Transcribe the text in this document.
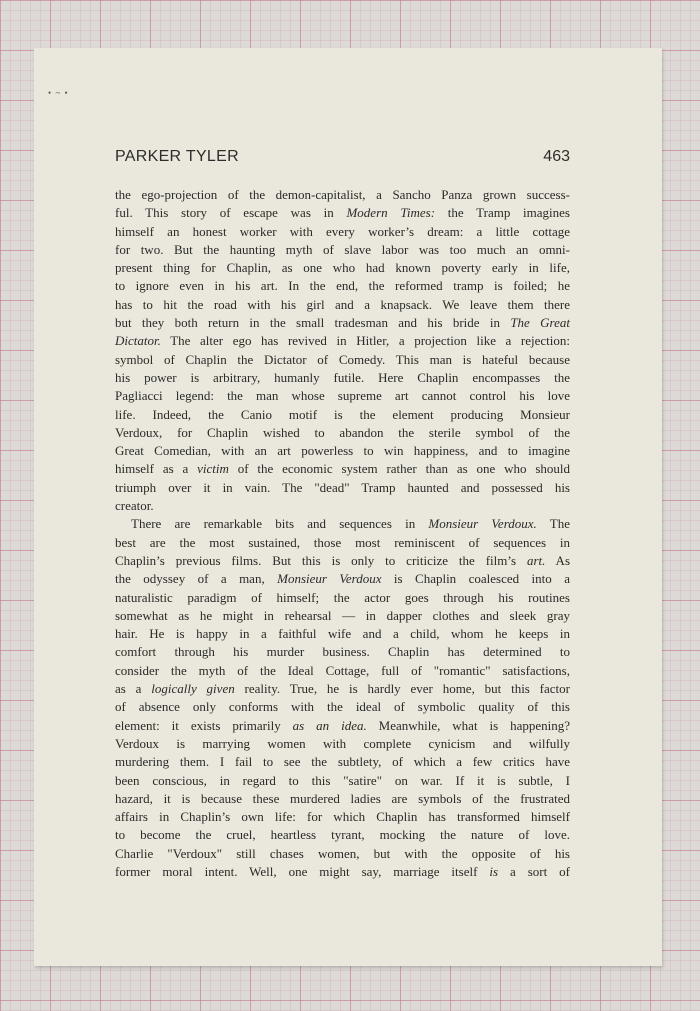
• ~ •
PARKER TYLER	463
the ego-projection of the demon-capitalist, a Sancho Panza grown success-
ful. This story of escape was in Modern Times: the Tramp imagines
himself an honest worker with every worker’s dream: a little cottage
for two. But the haunting myth of slave labor was too much an omni-
present thing for Chaplin, as one who had known poverty early in life,
to ignore even in his art. In the end, the reformed tramp is foiled; he
has to hit the road with his girl and a knapsack. We leave them there
but they both return in the small tradesman and his bride in The Great
Dictator. The alter ego has revived in Hitler, a projection like a rejection:
symbol of Chaplin the Dictator of Comedy. This man is hateful because
his power is arbitrary, humanly futile. Here Chaplin encompasses the
Pagliacci legend: the man whose supreme art cannot control his love
life. Indeed, the Canio motif is the element producing Monsieur
Verdoux, for Chaplin wished to abandon the sterile symbol of the
Great Comedian, with an art powerless to win happiness, and to imagine
himself as a victim of the economic system rather than as one who should
triumph over it in vain. The "dead" Tramp haunted and possessed his
creator.
There are remarkable bits and sequences in Monsieur Verdoux. The
best are the most sustained, those most reminiscent of sequences in
Chaplin’s previous films. But this is only to criticize the film’s art. As
the odyssey of a man, Monsieur Verdoux is Chaplin coalesced into a
naturalistic paradigm of himself; the actor goes through his routines
somewhat as he might in rehearsal — in dapper clothes and sleek gray
hair. He is happy in a faithful wife and a child, whom he keeps in
comfort through his murder business. Chaplin has determined to
consider the myth of the Ideal Cottage, full of "romantic" satisfactions,
as a logically given reality. True, he is hardly ever home, but this factor
of absence only conforms with the ideal of symbolic quality of this
element: it exists primarily as an idea. Meanwhile, what is happening?
Verdoux is marrying women with complete cynicism and wilfully
murdering them. I fail to see the subtlety, of which a few critics have
been conscious, in regard to this "satire" on war. If it is subtle, I
hazard, it is because these murdered ladies are symbols of the frustrated
affairs in Chaplin’s own life: for which Chaplin has transformed himself
to become the cruel, heartless tyrant, mocking the nature of love.
Charlie "Verdoux" still chases women, but with the opposite of his
former moral intent. Well, one might say, marriage itself is a sort of
